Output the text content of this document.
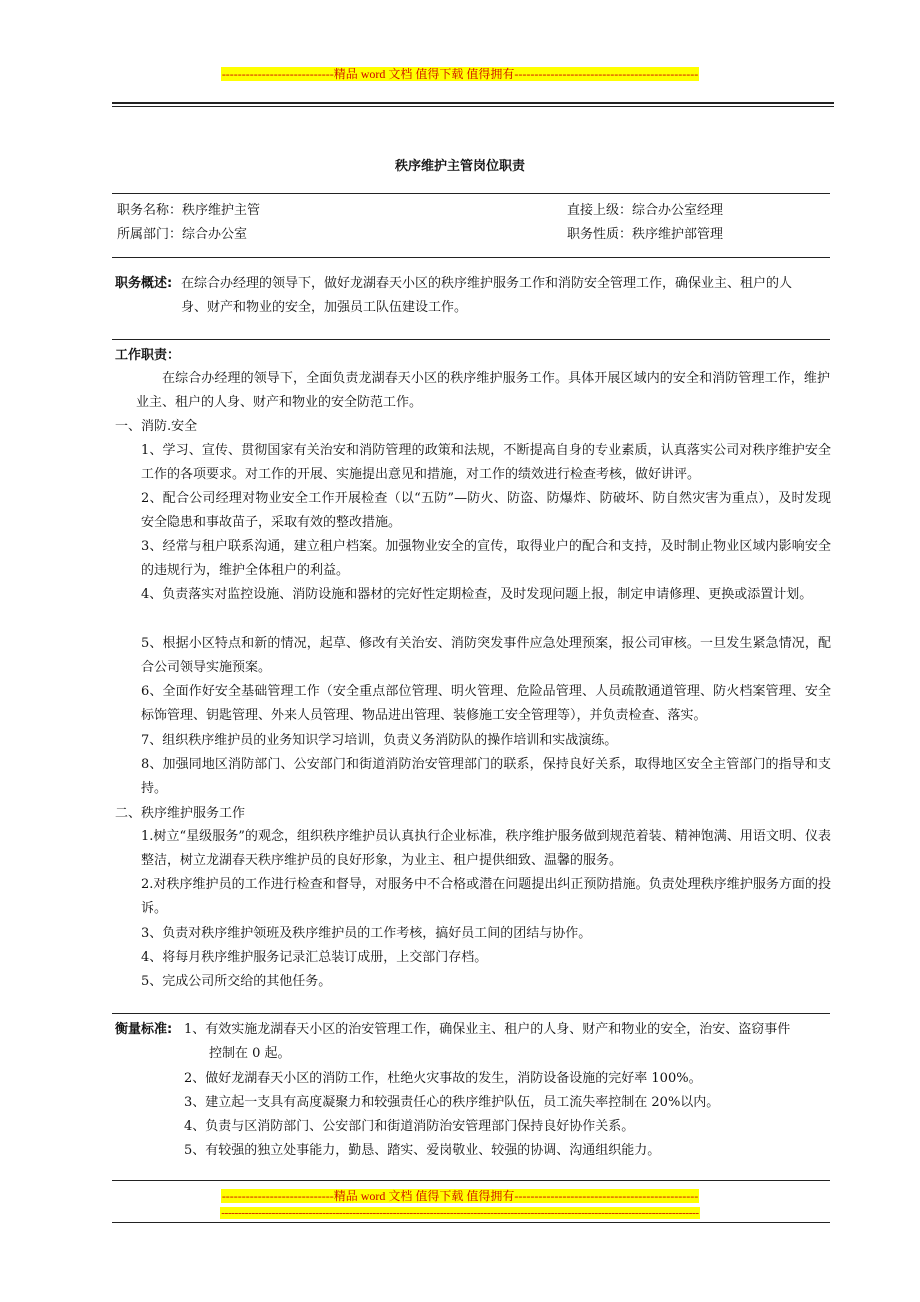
----------------------------精品 word 文档 值得下载 值得拥有----------------------------------------------
秩序维护主管岗位职责
职务名称：秩序维护主管	直接上级：综合办公室经理
所属部门：综合办公室	职务性质：秩序维护部管理
职务概述: 在综合办经理的领导下，做好龙湖春天小区的秩序维护服务工作和消防安全管理工作，确保业主、租户的人
身、财产和物业的安全，加强员工队伍建设工作。
工作职责：
在综合办经理的领导下，全面负责龙湖春天小区的秩序维护服务工作。具体开展区域内的安全和消防管理工作，维护业主、租户的人身、财产和物业的安全防范工作。
一、消防.安全
1、学习、宣传、贯彻国家有关治安和消防管理的政策和法规，不断提高自身的专业素质，认真落实公司对秩序维护安全工作的各项要求。对工作的开展、实施提出意见和措施，对工作的绩效进行检查考核，做好讲评。
2、配合公司经理对物业安全工作开展检查（以“五防”—防火、防盗、防爆炸、防破坏、防自然灾害为重点），及时发现安全隐患和事故苗子，采取有效的整改措施。
3、经常与租户联系沟通，建立租户档案。加强物业安全的宣传，取得业户的配合和支持，及时制止物业区域内影响安全的违规行为，维护全体租户的利益。
4、负责落实对监控设施、消防设施和器材的完好性定期检查，及时发现问题上报，制定申请修理、更换或添置计划。
5、根据小区特点和新的情况，起草、修改有关治安、消防突发事件应急处理预案，报公司审核。一旦发生紧急情况，配合公司领导实施预案。
6、全面作好安全基础管理工作（安全重点部位管理、明火管理、危险品管理、人员疏散通道管理、防火档案管理、安全标饰管理、钥匙管理、外来人员管理、物品进出管理、装修施工安全管理等），并负责检查、落实。
7、组织秩序维护员的业务知识学习培训，负责义务消防队的操作培训和实战演练。
8、加强同地区消防部门、公安部门和街道消防治安管理部门的联系，保持良好关系，取得地区安全主管部门的指导和支持。
二、秩序维护服务工作
1.树立“星级服务”的观念，组织秩序维护员认真执行企业标准，秩序维护服务做到规范着装、精神饱满、用语文明、仪表整洁，树立龙湖春天秩序维护员的良好形象，为业主、租户提供细致、温馨的服务。
2.对秩序维护员的工作进行检查和督导，对服务中不合格或潜在问题提出纠正预防措施。负责处理秩序维护服务方面的投诉。
3、负责对秩序维护领班及秩序维护员的工作考核，搞好员工间的团结与协作。
4、将每月秩序维护服务记录汇总装订成册，上交部门存档。
5、完成公司所交给的其他任务。
衡量标准: 1、有效实施龙湖春天小区的治安管理工作，确保业主、租户的人身、财产和物业的安全，治安、盗窃事件
控制在 0 起。
2、做好龙湖春天小区的消防工作，杜绝火灾事故的发生，消防设备设施的完好率 100%。
3、建立起一支具有高度凝聚力和较强责任心的秩序维护队伍，员工流失率控制在 20%以内。
4、负责与区消防部门、公安部门和街道消防治安管理部门保持良好协作关系。
5、有较强的独立处事能力，勤恳、踏实、爱岗敬业、较强的协调、沟通组织能力。
----------------------------精品 word 文档 值得下载 值得拥有----------------------------------------------
----------------------------------------------------------------------------------------------------------------------------------------------
